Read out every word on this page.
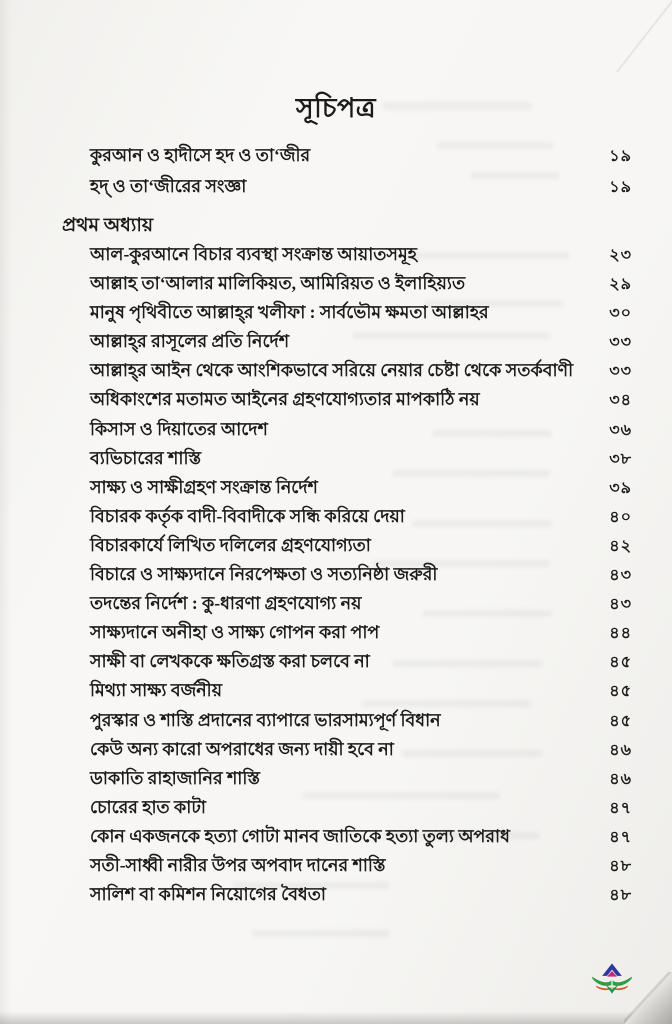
সূচিপত্র
কুরআন ও হাদীসে হদ ও তা‘জীর	১৯
হদ্ ও তা‘জীরের সংজ্ঞা	১৯
প্রথম অধ্যায়
আল-কুরআনে বিচার ব্যবস্থা সংক্রান্ত আয়াতসমূহ	২৩
আল্লাহ তা‘আলার মালিকিয়ত, আমিরিয়ত ও ইলাহিয়্যত	২৯
মানুষ পৃথিবীতে আল্লাহ্‌র খলীফা : সার্বভৌম ক্ষমতা আল্লাহর	৩০
আল্লাহ্‌র রাসূলের প্রতি নির্দেশ	৩৩
আল্লাহ্‌র আইন থেকে আংশিকভাবে সরিয়ে নেয়ার চেষ্টা থেকে সতর্কবাণী ৩৩
অধিকাংশের মতামত আইনের গ্রহণযোগ্যতার মাপকাঠি নয়	৩৪
কিসাস ও দিয়াতের আদেশ	৩৬
ব্যভিচারের শাস্তি	৩৮
সাক্ষ্য ও সাক্ষীগ্রহণ সংক্রান্ত নির্দেশ	৩৯
বিচারক কর্তৃক বাদী-বিবাদীকে সন্ধি করিয়ে দেয়া	৪০
বিচারকার্যে লিখিত দলিলের গ্রহণযোগ্যতা	৪২
বিচারে ও সাক্ষ্যদানে নিরপেক্ষতা ও সত্যনিষ্ঠা জরুরী	৪৩
তদন্তের নির্দেশ : কু-ধারণা গ্রহণযোগ্য নয়	৪৩
সাক্ষ্যদানে অনীহা ও সাক্ষ্য গোপন করা পাপ	৪৪
সাক্ষী বা লেখককে ক্ষতিগ্রস্ত করা চলবে না	৪৫
মিথ্যা সাক্ষ্য বর্জনীয়	৪৫
পুরস্কার ও শাস্তি প্রদানের ব্যাপারে ভারসাম্যপূর্ণ বিধান	৪৫
কেউ অন্য কারো অপরাধের জন্য দায়ী হবে না	৪৬
ডাকাতি রাহাজানির শাস্তি	৪৬
চোরের হাত কাটা	৪৭
কোন একজনকে হত্যা গোটা মানব জাতিকে হত্যা তুল্য অপরাধ	৪৭
সতী-সাধ্বী নারীর উপর অপবাদ দানের শাস্তি	৪৮
সালিশ বা কমিশন নিয়োগের বৈধতা	৪৮
